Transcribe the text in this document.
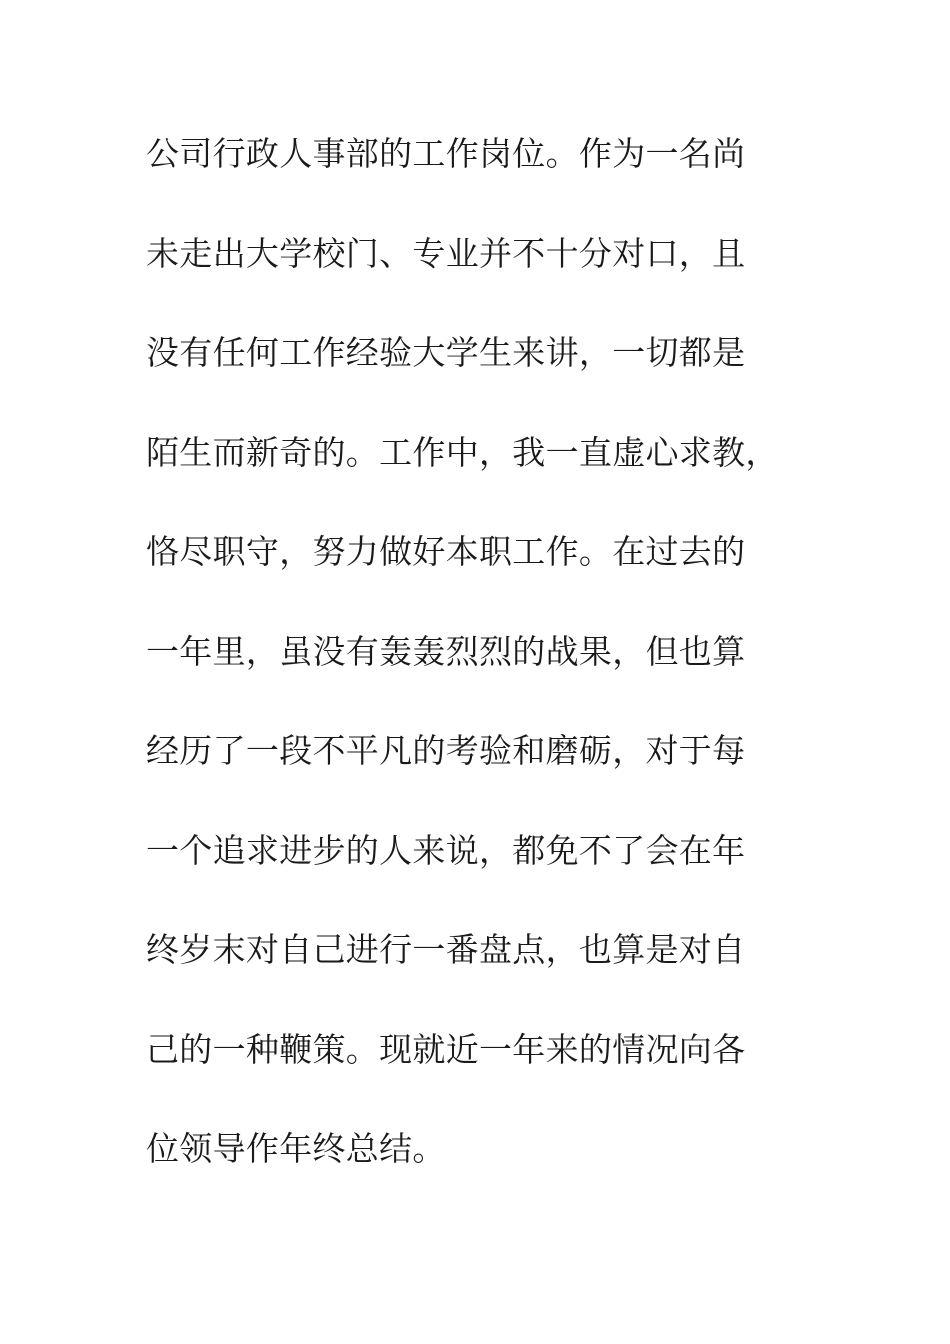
公司行政人事部的工作岗位。作为一名尚
未走出大学校门、专业并不十分对口，且
没有任何工作经验大学生来讲，一切都是
陌生而新奇的。工作中，我一直虚心求教，
恪尽职守，努力做好本职工作。在过去的
一年里，虽没有轰轰烈烈的战果，但也算
经历了一段不平凡的考验和磨砺，对于每
一个追求进步的人来说，都免不了会在年
终岁末对自己进行一番盘点，也算是对自
己的一种鞭策。现就近一年来的情况向各
位领导作年终总结。
